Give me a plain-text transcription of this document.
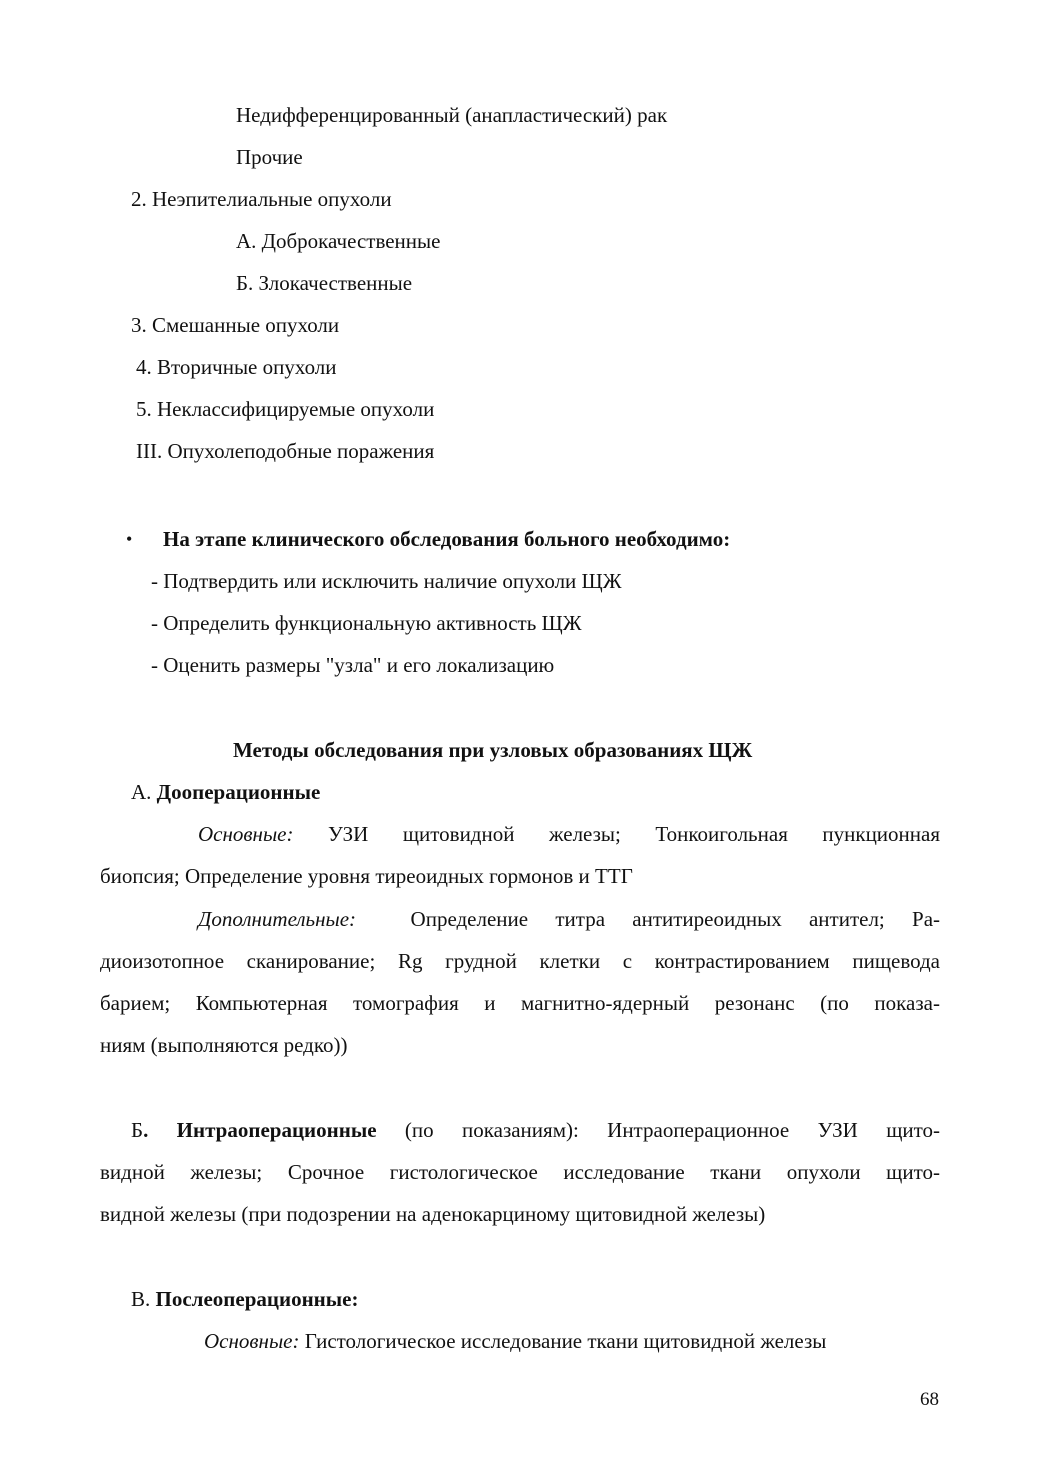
Недифференцированный (анапластический) рак
Прочие
2. Неэпителиальные опухоли
А. Доброкачественные
Б. Злокачественные
3. Смешанные опухоли
4. Вторичные опухоли
5. Неклассифицируемые опухоли
III. Опухолеподобные поражения
• На этапе клинического обследования больного необходимо:
- Подтвердить или исключить наличие опухоли ЩЖ
- Определить функциональную активность ЩЖ
- Оценить размеры "узла" и его локализацию
Методы обследования при узловых образованиях ЩЖ
А. Дооперационные
Основные: УЗИ щитовидной железы; Тонкоигольная пункционная
биопсия; Определение уровня тиреоидных гормонов и ТТГ
Дополнительные:	Определение титра антитиреоидных антител; Ра-
диоизотопное сканирование; Rg грудной клетки с контрастированием пищевода
барием; Компьютерная томография и магнитно-ядерный резонанс (по показа-
ниям (выполняются редко))
Б. Интраоперационные (по показаниям): Интраоперационное УЗИ щито-
видной железы; Срочное гистологическое исследование ткани опухоли щито-
видной железы (при подозрении на аденокарциному щитовидной железы)
В. Послеоперационные:
Основные: Гистологическое исследование ткани щитовидной железы
68
